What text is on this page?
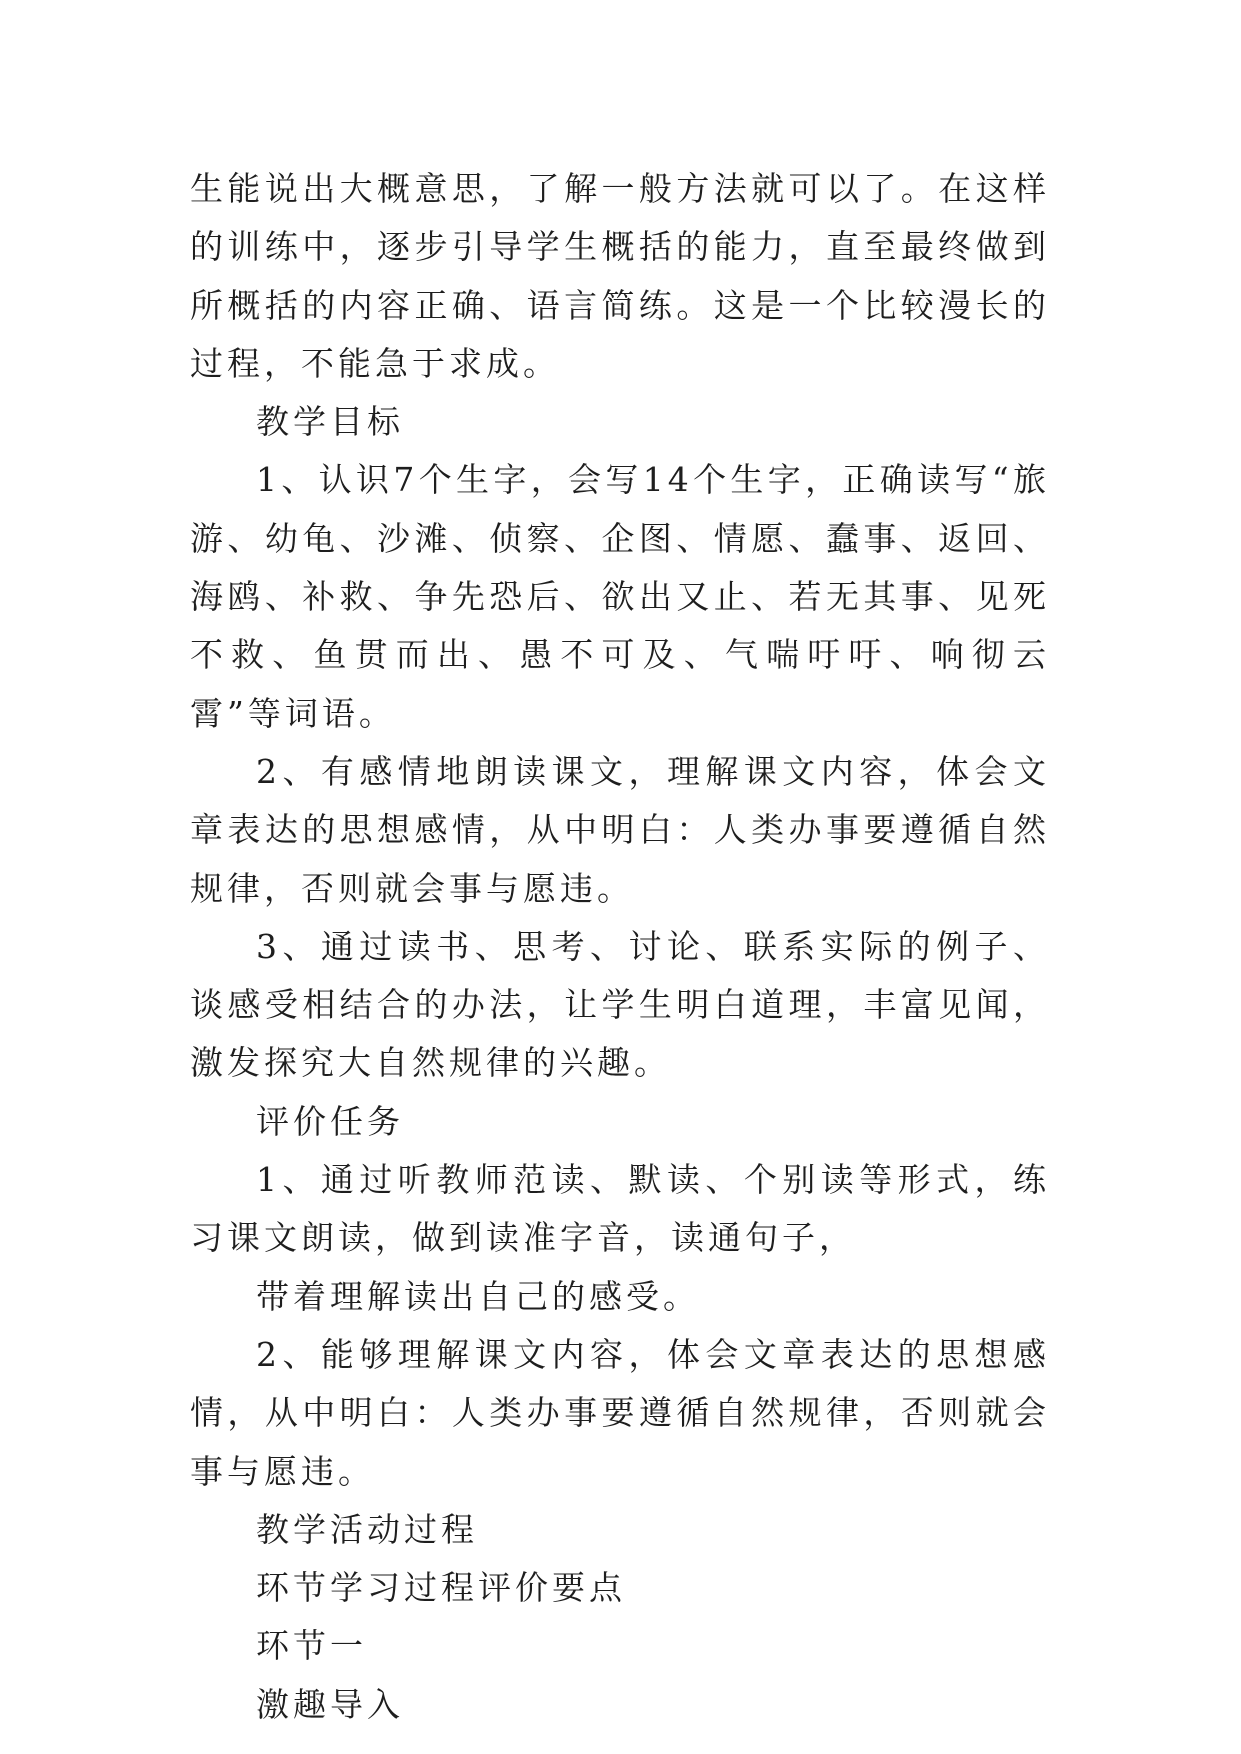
生能说出大概意思，了解一般方法就可以了。在这样的训练中，逐步引导学生概括的能力，直至最终做到所概括的内容正确、语言简练。这是一个比较漫长的过程，不能急于求成。

教学目标

1、认识7个生字，会写14个生字，正确读写“旅游、幼龟、沙滩、侦察、企图、情愿、蠢事、返回、海鸥、补救、争先恐后、欲出又止、若无其事、见死不救、鱼贯而出、愚不可及、气喘吁吁、响彻云霄”等词语。

2、有感情地朗读课文，理解课文内容，体会文章表达的思想感情，从中明白：人类办事要遵循自然规律，否则就会事与愿违。

3、通过读书、思考、讨论、联系实际的例子、谈感受相结合的办法，让学生明白道理，丰富见闻，激发探究大自然规律的兴趣。

评价任务

1、通过听教师范读、默读、个别读等形式，练习课文朗读，做到读准字音，读通句子，

带着理解读出自己的感受。

2、能够理解课文内容，体会文章表达的思想感情，从中明白：人类办事要遵循自然规律，否则就会事与愿违。

教学活动过程

环节学习过程评价要点

环节一

激趣导入
